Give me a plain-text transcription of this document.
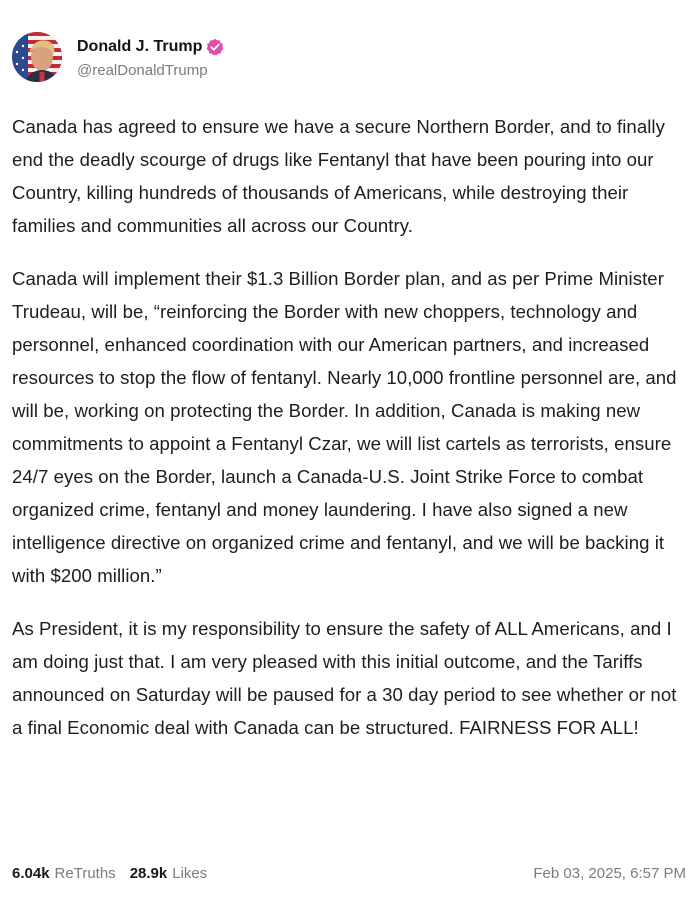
Donald J. Trump
@realDonaldTrump

Canada has agreed to ensure we have a secure Northern Border, and to finally end the deadly scourge of drugs like Fentanyl that have been pouring into our Country, killing hundreds of thousands of Americans, while destroying their families and communities all across our Country.

Canada will implement their $1.3 Billion Border plan, and as per Prime Minister Trudeau, will be, “reinforcing the Border with new choppers, technology and personnel, enhanced coordination with our American partners, and increased resources to stop the flow of fentanyl. Nearly 10,000 frontline personnel are, and will be, working on protecting the Border. In addition, Canada is making new commitments to appoint a Fentanyl Czar, we will list cartels as terrorists, ensure 24/7 eyes on the Border, launch a Canada-U.S. Joint Strike Force to combat organized crime, fentanyl and money laundering. I have also signed a new intelligence directive on organized crime and fentanyl, and we will be backing it with $200 million.”

As President, it is my responsibility to ensure the safety of ALL Americans, and I am doing just that. I am very pleased with this initial outcome, and the Tariffs announced on Saturday will be paused for a 30 day period to see whether or not a final Economic deal with Canada can be structured. FAIRNESS FOR ALL!

6.04k ReTruths 28.9k Likes	Feb 03, 2025, 6:57 PM
